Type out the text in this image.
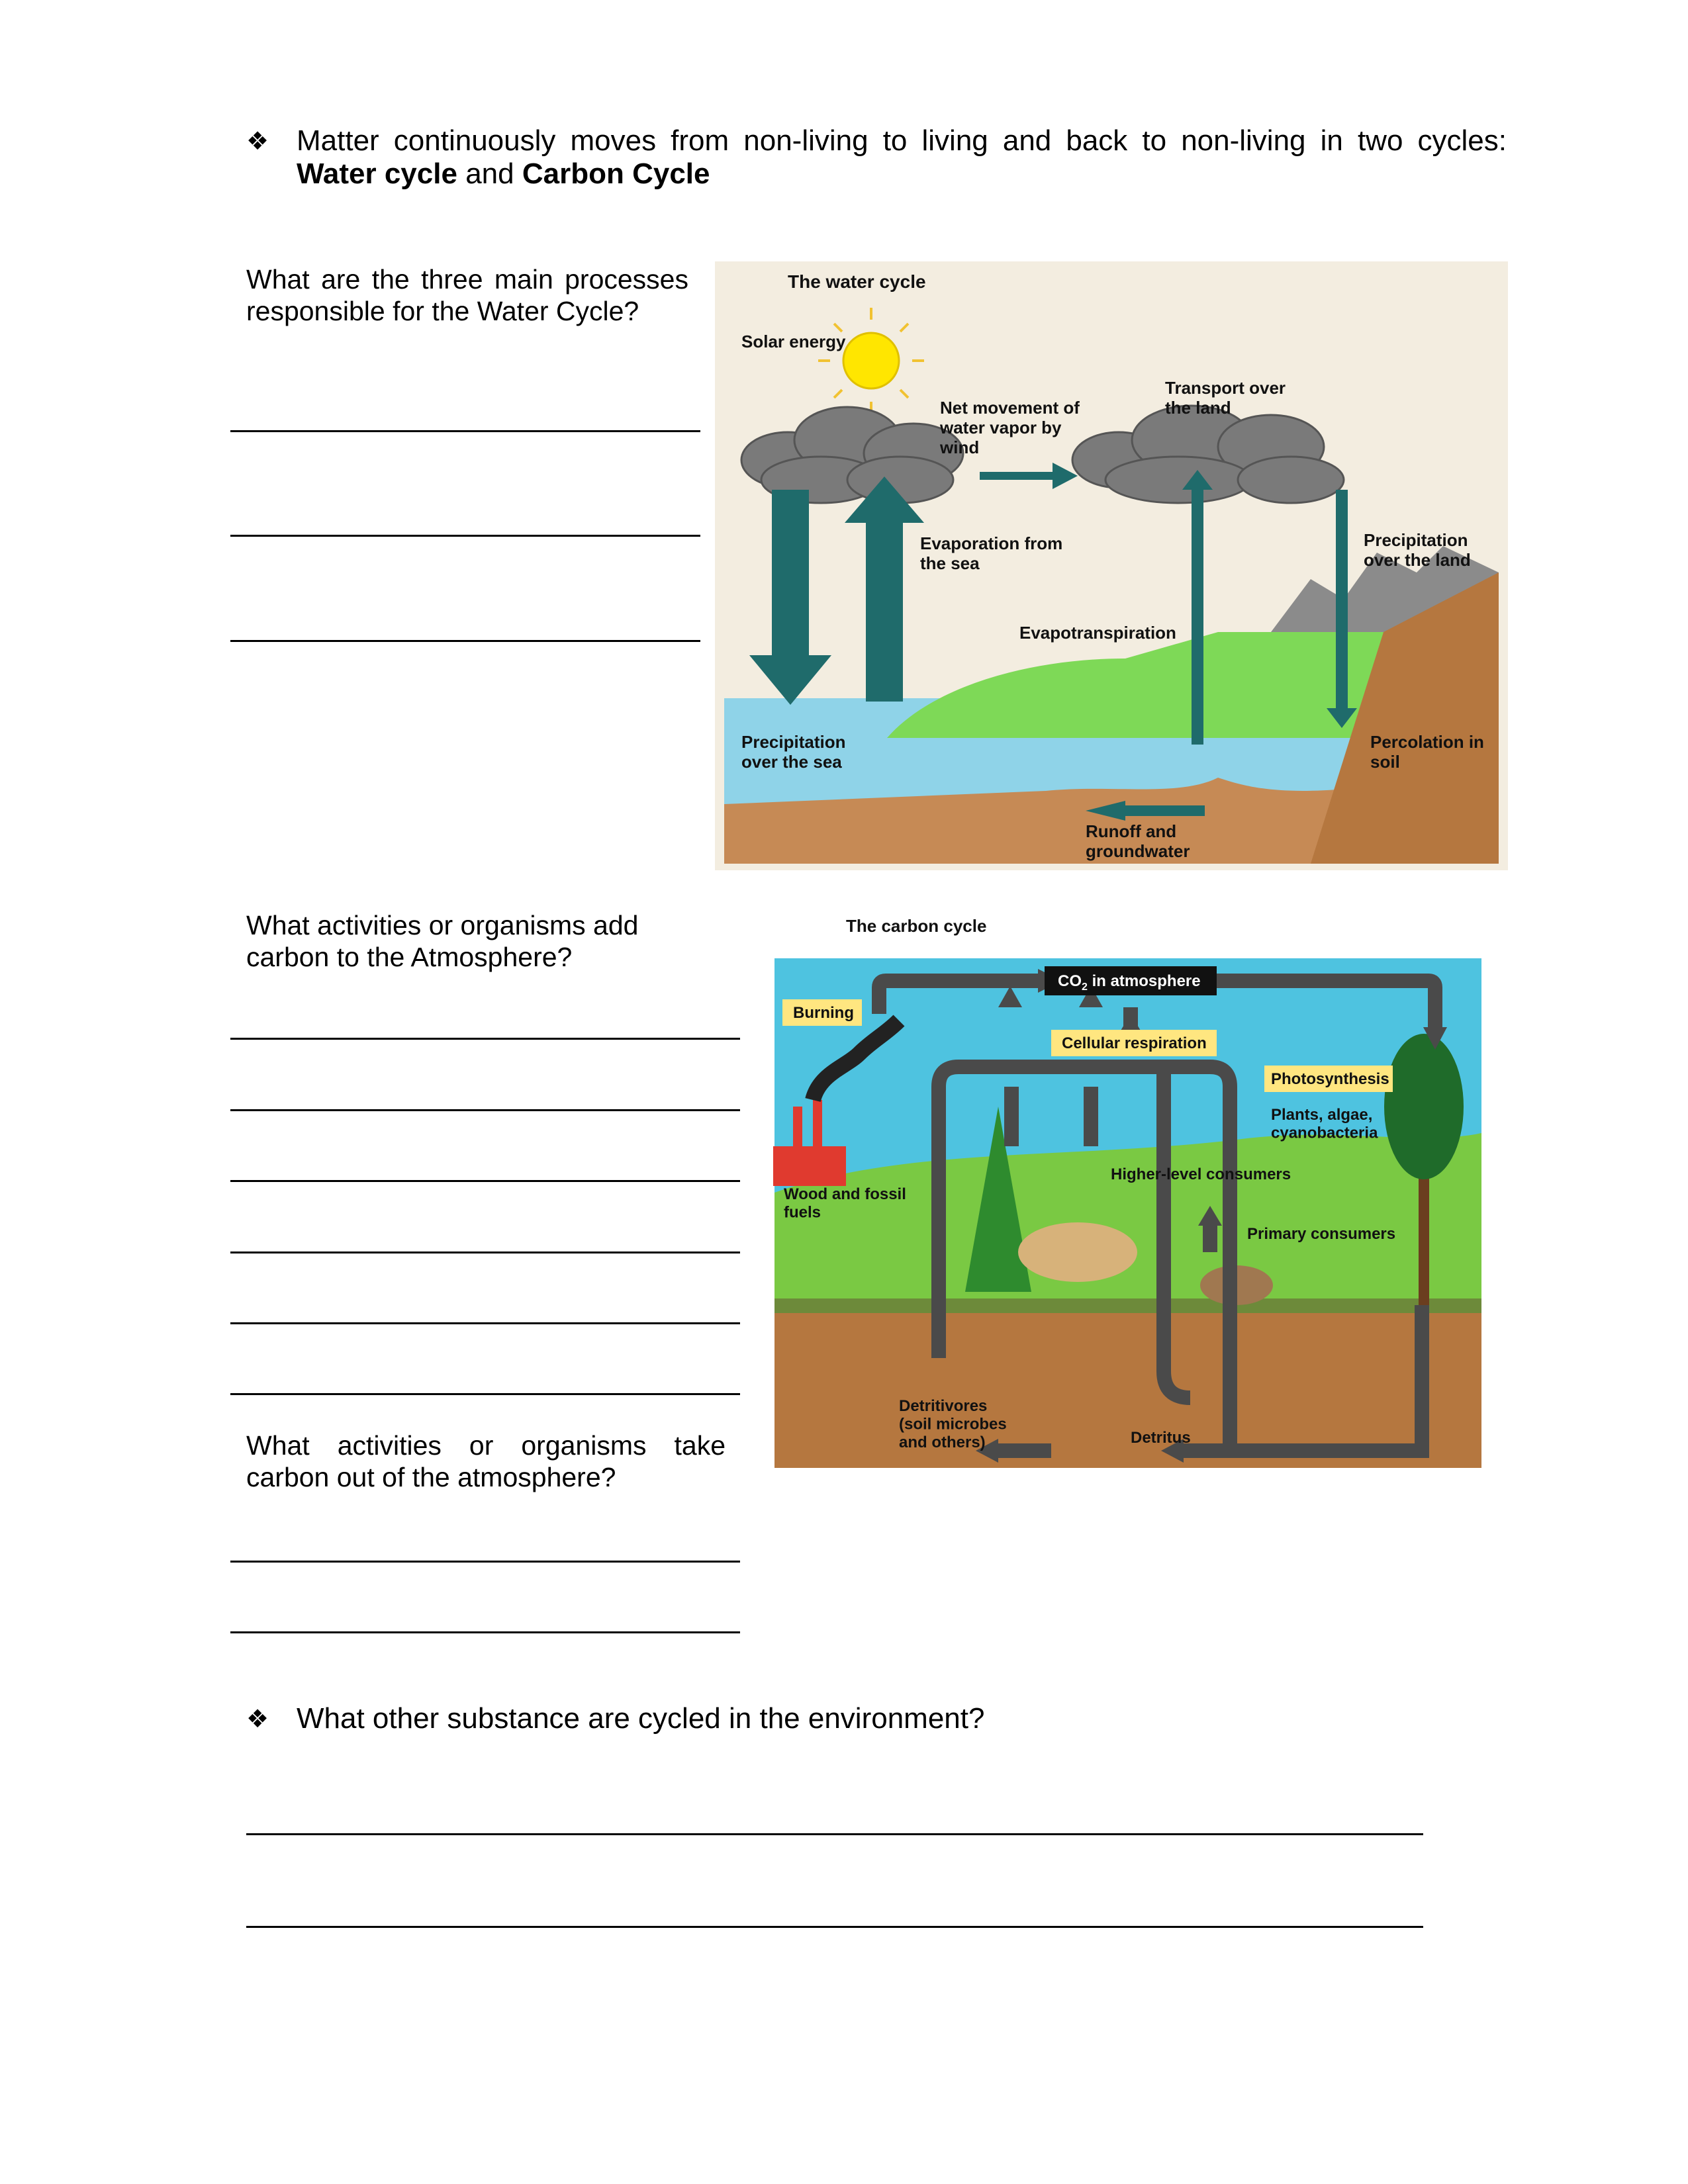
❖ Matter continuously moves from non-living to living and back to non-living in two cycles:
Water cycle and Carbon Cycle
What are the three main processes responsible for the Water Cycle?
The water cycle
Solar energy
Net movement of water vapor by wind
Transport over the land
Evaporation from the sea
Precipitation over the land
Evapotranspiration
Precipitation over the sea
Percolation in soil
Runoff and groundwater
What activities or organisms add carbon to the Atmosphere?
What activities or organisms take carbon out of the atmosphere?
The carbon cycle
$CO_2$ in atmosphere
Burning
Cellular respiration
Photosynthesis
Plants, algae, cyanobacteria
Wood and fossil fuels
Higher-level consumers
Primary consumers
Detritivores (soil microbes and others)	Detritus
❖ What other substance are cycled in the environment?
